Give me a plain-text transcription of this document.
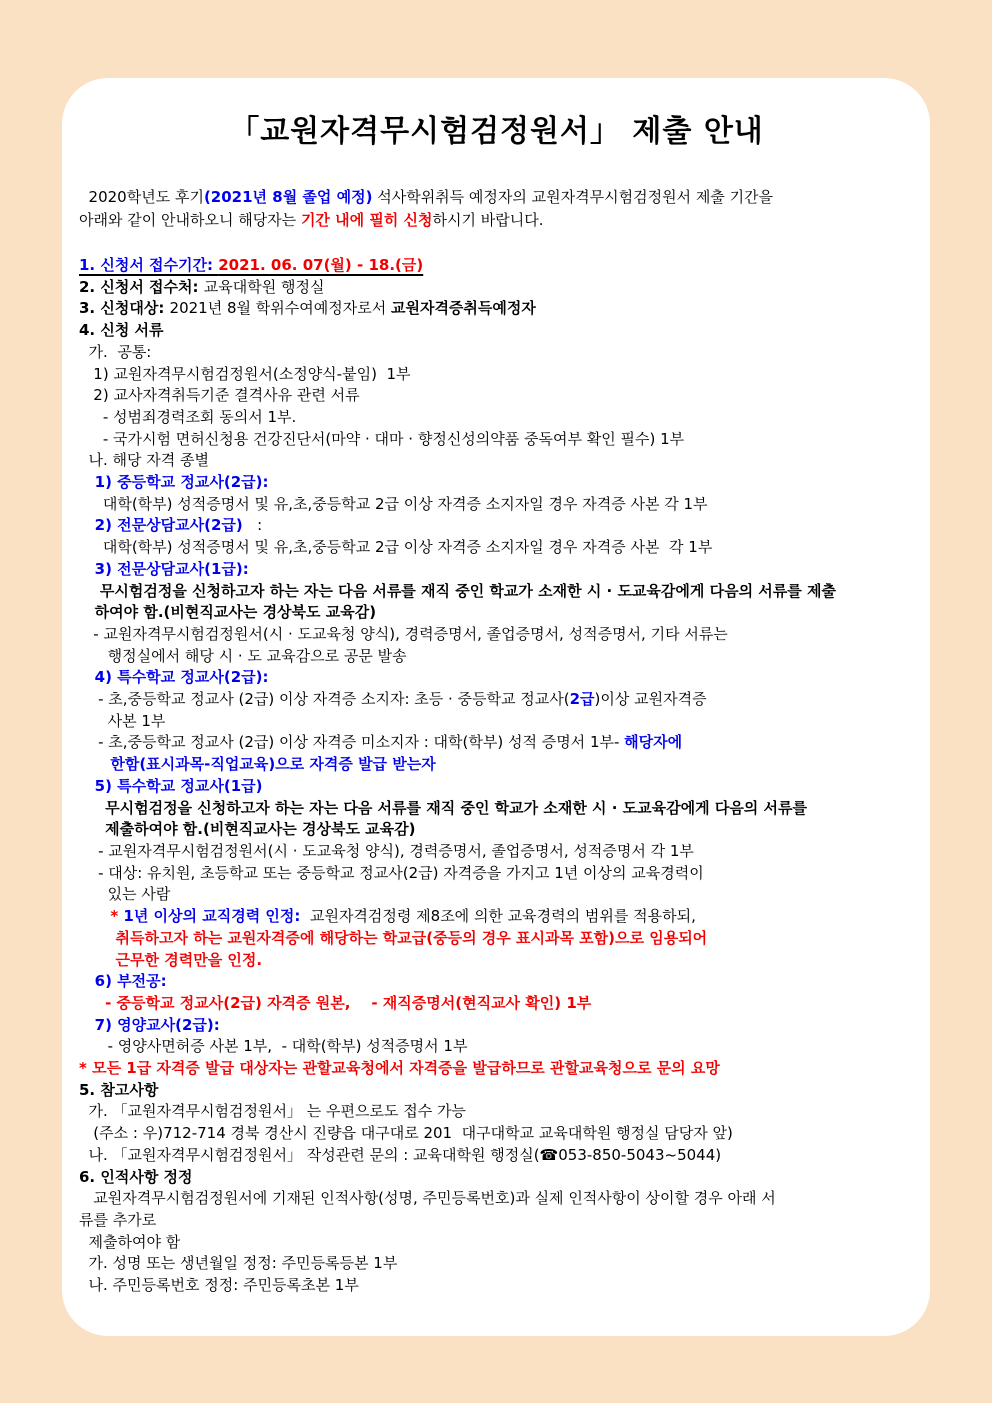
「교원자격무시험검정원서」 제출 안내
2020학년도 후기(2021년 8월 졸업 예정) 석사학위취득 예정자의 교원자격무시험검정원서 제출 기간을
아래와 같이 안내하오니 해당자는 기간 내에 필히 신청하시기 바랍니다.
1. 신청서 접수기간: 2021. 06. 07(월) - 18.(금)
2. 신청서 접수처: 교육대학원 행정실
3. 신청대상: 2021년 8월 학위수여예정자로서 교원자격증취득예정자
4. 신청 서류
가.  공통:
1) 교원자격무시험검정원서(소정양식-붙임)  1부
2) 교사자격취득기준 결격사유 관련 서류
- 성범죄경력조회 동의서 1부.
- 국가시험 면허신청용 건강진단서(마약 · 대마 · 향정신성의약품 중독여부 확인 필수) 1부
나. 해당 자격 종별
1) 중등학교 정교사(2급):
대학(학부) 성적증명서 및 유,초,중등학교 2급 이상 자격증 소지자일 경우 자격증 사본 각 1부
2) 전문상담교사(2급)   :
대학(학부) 성적증명서 및 유,초,중등학교 2급 이상 자격증 소지자일 경우 자격증 사본  각 1부
3) 전문상담교사(1급):
무시험검정을 신청하고자 하는 자는 다음 서류를 재직 중인 학교가 소재한 시 · 도교육감에게 다음의 서류를 제출
하여야 함.(비현직교사는 경상북도 교육감)
- 교원자격무시험검정원서(시 · 도교육청 양식), 경력증명서, 졸업증명서, 성적증명서, 기타 서류는
행정실에서 해당 시 · 도 교육감으로 공문 발송
4) 특수학교 정교사(2급):
- 초,중등학교 정교사 (2급) 이상 자격증 소지자: 초등 · 중등학교 정교사(2급)이상 교원자격증
사본 1부
- 초,중등학교 정교사 (2급) 이상 자격증 미소지자 : 대학(학부) 성적 증명서 1부- 해당자에
한함(표시과목-직업교육)으로 자격증 발급 받는자
5) 특수학교 정교사(1급)
무시험검정을 신청하고자 하는 자는 다음 서류를 재직 중인 학교가 소재한 시 · 도교육감에게 다음의 서류를
제출하여야 함.(비현직교사는 경상북도 교육감)
- 교원자격무시험검정원서(시 · 도교육청 양식), 경력증명서, 졸업증명서, 성적증명서 각 1부
- 대상: 유치원, 초등학교 또는 중등학교 정교사(2급) 자격증을 가지고 1년 이상의 교육경력이
있는 사람
* 1년 이상의 교직경력 인정:  교원자격검정령 제8조에 의한 교육경력의 범위를 적용하되,
취득하고자 하는 교원자격증에 해당하는 학교급(중등의 경우 표시과목 포함)으로 임용되어
근무한 경력만을 인정.
6) 부전공:
- 중등학교 정교사(2급) 자격증 원본,    - 재직증명서(현직교사 확인) 1부
7) 영양교사(2급):
- 영양사면허증 사본 1부,  - 대학(학부) 성적증명서 1부
* 모든 1급 자격증 발급 대상자는 관할교육청에서 자격증을 발급하므로 관할교육청으로 문의 요망
5. 참고사항
가. 「교원자격무시험검정원서」 는 우편으로도 접수 가능
(주소 : 우)712-714 경북 경산시 진량읍 대구대로 201  대구대학교 교육대학원 행정실 담당자 앞)
나. 「교원자격무시험검정원서」 작성관련 문의 : 교육대학원 행정실(☎053-850-5043~5044)
6. 인적사항 정정
교원자격무시험검정원서에 기재된 인적사항(성명, 주민등록번호)과 실제 인적사항이 상이할 경우 아래 서
류를 추가로
제출하여야 함
가. 성명 또는 생년월일 정정: 주민등록등본 1부
나. 주민등록번호 정정: 주민등록초본 1부
